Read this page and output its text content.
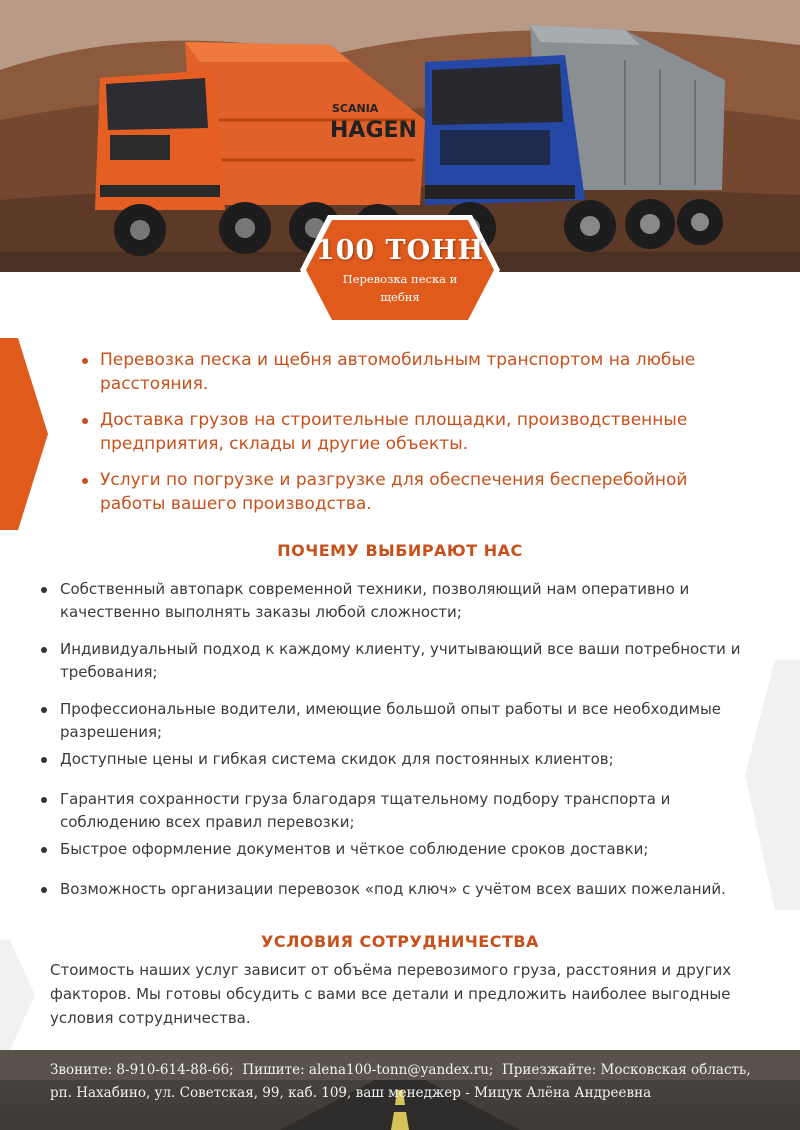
SCANIA
HAGEN
100 ТОНН
Перевозка песка и щебня
Перевозка песка и щебня автомобильным транспортом на любые расстояния.
Доставка грузов на строительные площадки, производственные предприятия, склады и другие объекты.
Услуги по погрузке и разгрузке для обеспечения бесперебойной работы вашего производства.
ПОЧЕМУ ВЫБИРАЮТ НАС
Собственный автопарк современной техники, позволяющий нам оперативно и качественно выполнять заказы любой сложности;
Индивидуальный подход к каждому клиенту, учитывающий все ваши потребности и требования;
Профессиональные водители, имеющие большой опыт работы и все необходимые разрешения;
Доступные цены и гибкая система скидок для постоянных клиентов;
Гарантия сохранности груза благодаря тщательному подбору транспорта и соблюдению всех правил перевозки;
Быстрое оформление документов и чёткое соблюдение сроков доставки;
Возможность организации перевозок «под ключ» с учётом всех ваших пожеланий.
УСЛОВИЯ СОТРУДНИЧЕСТВА

Стоимость наших услуг зависит от объёма перевозимого груза, расстояния и других факторов. Мы готовы обсудить с вами все детали и предложить наиболее выгодные условия сотрудничества.

Звоните: 8-910-614-88-66; Пишите: alena100-tonn@yandex.ru; Приезжайте: Московская область, рп. Нахабино, ул. Советская, 99, каб. 109, ваш менеджер - Мицук Алёна Андреевна
